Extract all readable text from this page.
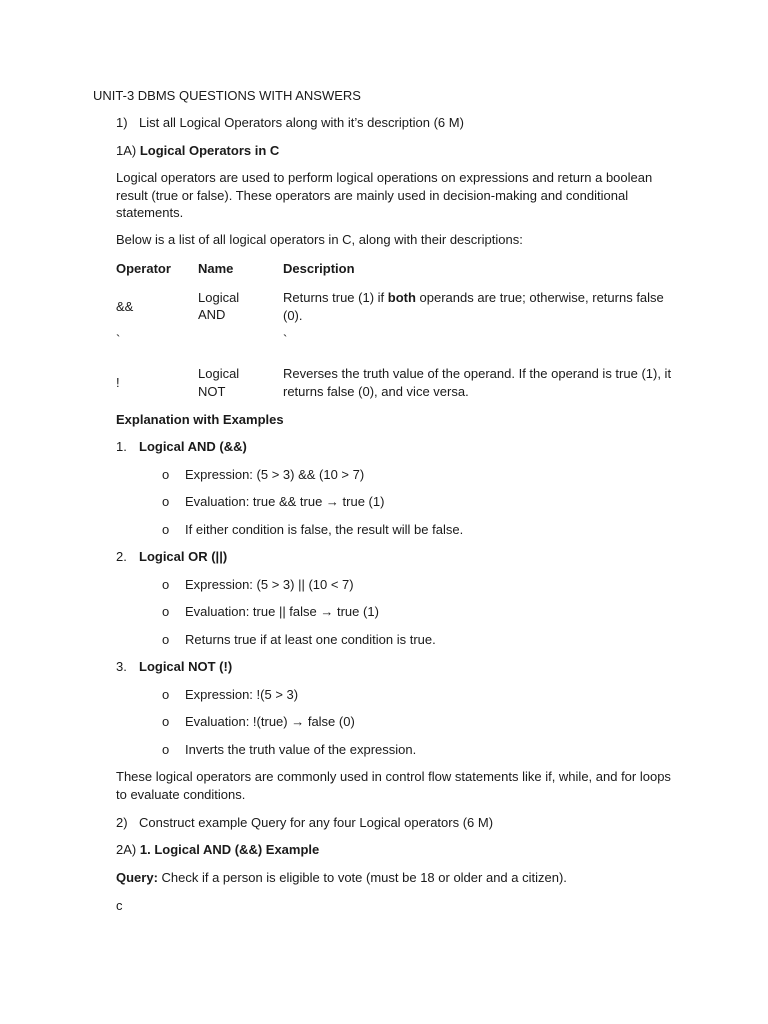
UNIT-3 DBMS QUESTIONS WITH ANSWERS
1) List all Logical Operators along with it’s description (6 M)
1A) Logical Operators in C
Logical operators are used to perform logical operations on expressions and return a boolean result (true or false). These operators are mainly used in decision-making and conditional statements.
Below is a list of all logical operators in C, along with their descriptions:
Operator Name	Description
&&
Logical
AND
Returns true (1) if both operands are true; otherwise, returns false (0).
`	`
!
Logical
NOT
Reverses the truth value of the operand. If the operand is true (1), it returns false (0), and vice versa.
Explanation with Examples
1. Logical AND (&&)
o Expression: (5 > 3) && (10 > 7)
o Evaluation: true && true → true (1)
o If either condition is false, the result will be false.
2. Logical OR (||)
o Expression: (5 > 3) || (10 < 7)
o Evaluation: true || false → true (1)
o Returns true if at least one condition is true.
3. Logical NOT (!)
o Expression: !(5 > 3)
o Evaluation: !(true) → false (0)
o Inverts the truth value of the expression.
These logical operators are commonly used in control flow statements like if, while, and for loops to evaluate conditions.
2) Construct example Query for any four Logical operators (6 M)
2A) 1. Logical AND (&&) Example
Query: Check if a person is eligible to vote (must be 18 or older and a citizen).
c
